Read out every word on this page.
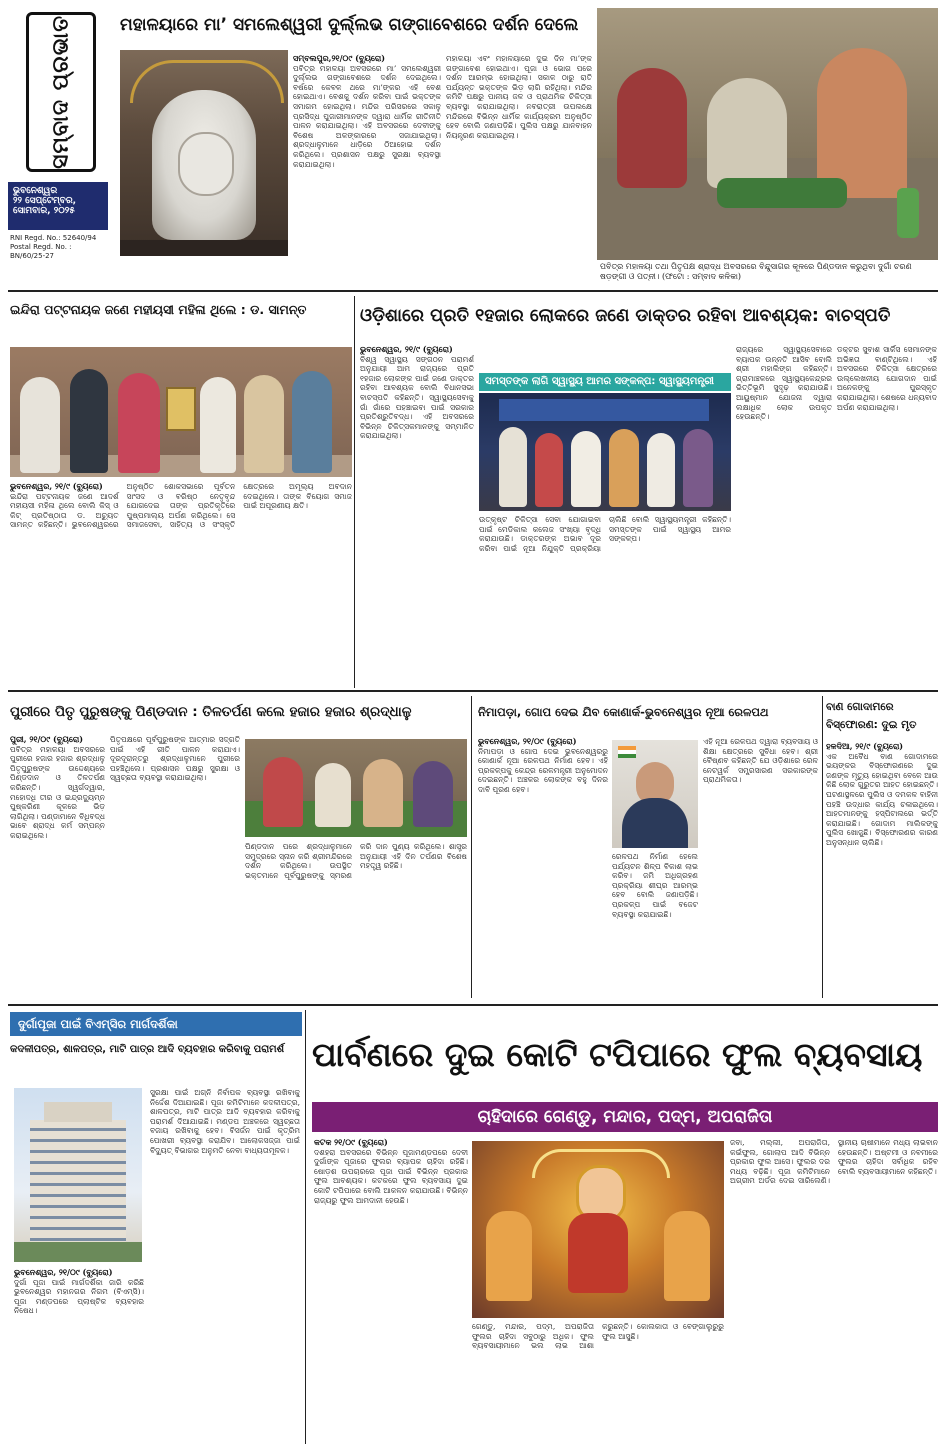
ସମ୍ବାଦ ପ୍ରଭାତ
ଭୁବନେଶ୍ୱର
୨୨ ସେପ୍ଟେମ୍ବର,
ସୋମବାର, ୨୦୨୫
RNI Regd. No.: 52640/94
Postal Regd. No. :
BN/60/25-27
ମହାଳୟାରେ ମା’ ସମଲେଶ୍ୱରୀ ଦୁର୍ଲ୍ଲଭ ଗଙ୍ଗାବେଶରେ ଦର୍ଶନ ଦେଲେ
ସମ୍ବଲପୁର,୨୧/୦୯ (ବ୍ୟୁରୋ)
ପବିତ୍ର ମହାଳୟା ଅବସରରେ ମା’ ସମଲେଶ୍ୱରୀ ଦୁର୍ଲ୍ଲଭ ଗଙ୍ଗାବେଶରେ ଦର୍ଶନ ଦେଇଥିଲେ। ବର୍ଷରେ କେବଳ ଥରେ ମା’ଙ୍କର ଏହି ବେଶ ହୋଇଥାଏ। ବେଶକୁ ଦର୍ଶନ କରିବା ପାଇଁ ଭକ୍ତଙ୍କ ସମାଗମ ହୋଇଥିଲା। ମନ୍ଦିର ପରିସରରେ ସକାଳୁ ପ୍ରସିଦ୍ଧ ପୁଜାରୀମାନଙ୍କ ଦ୍ୱାରା ଧାର୍ମିକ ରୀତିନୀତି ପାଳନ କରାଯାଇଥିଲା। ଏହି ଅବସରରେ ଦେବୀଙ୍କୁ ବିଶେଷ ଅଳଙ୍କାରରେ ସଜାଯାଇଥିଲା। ଶ୍ରଦ୍ଧାଳୁମାନେ ଧାଡ଼ିରେ ଠିଆହୋଇ ଦର୍ଶନ କରିଥିଲେ। ପ୍ରଶାସନ ପକ୍ଷରୁ ସୁରକ୍ଷା ବ୍ୟବସ୍ଥା କରାଯାଇଥିଲା।
ମହାଳୟା ଏବଂ ମହାଳୟାରେ ଦୁଇ ଦିନ ମା’ଙ୍କ ଗଙ୍ଗାବେଶ ହୋଇଥାଏ। ପୂଜା ଓ ଭୋଗ ପରେ ଦର୍ଶନ ଆରମ୍ଭ ହୋଇଥିଲା। ସକାଳ ଠାରୁ ରାତି ପର୍ଯ୍ୟନ୍ତ ଭକ୍ତଙ୍କ ଭିଡ଼ ଲାଗି ରହିଥିଲା। ମନ୍ଦିର କମିଟି ପକ୍ଷରୁ ପାନୀୟ ଜଳ ଓ ପ୍ରାଥମିକ ଚିକିତ୍ସା ବ୍ୟବସ୍ଥା କରାଯାଇଥିଲା। ନବରାତ୍ରୀ ଉପଲକ୍ଷେ ମନ୍ଦିରରେ ବିଭିନ୍ନ ଧାର୍ମିକ କାର୍ଯ୍ୟକ୍ରମ ଅନୁଷ୍ଠିତ ହେବ ବୋଲି ଜଣାପଡ଼ିଛି। ପୁଲିସ ପକ୍ଷରୁ ଯାନବାହନ ନିୟନ୍ତ୍ରଣ କରାଯାଇଥିଲା।
ପବିତ୍ର ମହାଳୟା ତଥା ପିତୃପକ୍ଷ ଶ୍ରାଦ୍ଧ ଅବସରରେ ବିନ୍ଦୁସାଗର କୂଳରେ ପିଣ୍ଡଦାନ କରୁଥିବା ଦୁର୍ଗା ଚରଣ ଷଡ଼ଙ୍ଗୀ ଓ ପତ୍ନୀ। (ଫଟୋ : ସମ୍ବାଦ କଳିକା)
ଇନ୍ଦିରା ପଟ୍ଟନାୟକ ଜଣେ ମହୀୟସୀ ମହିଳା ଥିଲେ : ଡ. ସାମନ୍ତ
ଭୁବନେଶ୍ୱର, ୨୧/୯ (ବ୍ୟୁରୋ)
ଇନ୍ଦିରା ପଟ୍ଟନାୟକ ଜଣେ ଆଦର୍ଶ ମହୀୟସୀ ମହିଳା ଥିଲେ ବୋଲି କିସ୍ ଓ କିଟ୍ ପ୍ରତିଷ୍ଠାତା ଡ. ଅଚ୍ୟୁତ ସାମନ୍ତ କହିଛନ୍ତି। ଭୁବନେଶ୍ୱରରେ ଅନୁଷ୍ଠିତ ଶୋକସଭାରେ ପୂର୍ବତନ ସାଂସଦ ଓ ବରିଷ୍ଠ ନେତୃବୃନ୍ଦ ଯୋଗଦେଇ ତାଙ୍କ ପ୍ରତିକୃତିରେ ପୁଷ୍ପମାଲ୍ୟ ଅର୍ପଣ କରିଥିଲେ। ସେ ସମାଜସେବା, ସାହିତ୍ୟ ଓ ସଂସ୍କୃତି କ୍ଷେତ୍ରରେ ଅମୂଲ୍ୟ ଅବଦାନ ଦେଇଥିଲେ। ତାଙ୍କ ବିୟୋଗ ସମାଜ ପାଇଁ ଅପୂରଣୀୟ କ୍ଷତି।
ଓଡ଼ିଶାରେ ପ୍ରତି ୧ହଜାର ଲୋକରେ ଜଣେ ଡାକ୍ତର ରହିବା ଆବଶ୍ୟକ: ବାଚସ୍ପତି
ଭୁବନେଶ୍ୱର, ୨୧/୯ (ବ୍ୟୁରୋ)
ବିଶ୍ୱ ସ୍ୱାସ୍ଥ୍ୟ ସଙ୍ଗଠନ ପରାମର୍ଶ ଅନୁଯାୟୀ ଆମ ରାଜ୍ୟରେ ପ୍ରତି ୧ହଜାର ଲୋକଙ୍କ ପାଇଁ ଜଣେ ଡାକ୍ତର ରହିବା ଆବଶ୍ୟକ ବୋଲି ବିଧାନସଭା ବାଚସ୍ପତି କହିଛନ୍ତି। ସ୍ୱାସ୍ଥ୍ୟସେବାକୁ ଗାଁ ଗାଁରେ ପହଞ୍ଚାଇବା ପାଇଁ ସରକାର ପ୍ରତିଶ୍ରୁତିବଦ୍ଧ। ଏହି ଅବସରରେ ବିଭିନ୍ନ ଚିକିତ୍ସକମାନଙ୍କୁ ସମ୍ମାନିତ କରାଯାଇଥିଲା।
ସମସ୍ତଙ୍କ ଲାଗି ସ୍ୱାସ୍ଥ୍ୟ ଆମର ସଙ୍କଳ୍ପ: ସ୍ୱାସ୍ଥ୍ୟମନ୍ତ୍ରୀ
ଉତ୍କୃଷ୍ଟ ଚିକିତ୍ସା ସେବା ଯୋଗାଇବା ପାଇଁ ମେଡିକାଲ କଲେଜ ସଂଖ୍ୟା ବୃଦ୍ଧି କରାଯାଉଛି। ଡାକ୍ତରଙ୍କ ଅଭାବ ଦୂର କରିବା ପାଇଁ ନୂଆ ନିଯୁକ୍ତି ପ୍ରକ୍ରିୟା ଚାଲିଛି ବୋଲି ସ୍ୱାସ୍ଥ୍ୟମନ୍ତ୍ରୀ କହିଛନ୍ତି। ସମସ୍ତଙ୍କ ପାଇଁ ସ୍ୱାସ୍ଥ୍ୟ ଆମର ସଙ୍କଳ୍ପ।
ରାଜ୍ୟରେ ସ୍ୱାସ୍ଥ୍ୟସେବାରେ ବ୍ୟାପକ ଉନ୍ନତି ଆସିବ ବୋଲି ଶ୍ରୀ ମହାଲିଙ୍ଗ କହିଛନ୍ତି। ଗ୍ରାମାଞ୍ଚଳରେ ସ୍ୱାସ୍ଥ୍ୟକେନ୍ଦ୍ରର ଭିତ୍ତିଭୂମି ସୁଦୃଢ଼ କରାଯାଉଛି। ଆୟୁଷ୍ମାନ ଯୋଜନା ଦ୍ୱାରା ଲକ୍ଷାଧିକ ଲୋକ ଉପକୃତ ହେଉଛନ୍ତି।
ଡକ୍ଟର ସୁବାଶ ସାର୍କିସ ସେମାନଙ୍କ ଅଭିଜ୍ଞତା ବାଣ୍ଟିଥିଲେ। ଏହି ଅବସରରେ ଚିକିତ୍ସା କ୍ଷେତ୍ରରେ ଉଲ୍ଲେଖନୀୟ ଯୋଗଦାନ ପାଇଁ ଅନେକଙ୍କୁ ପୁରସ୍କୃତ କରାଯାଇଥିଲା। ଶେଷରେ ଧନ୍ୟବାଦ ଅର୍ପଣ କରାଯାଇଥିଲା।
ପୁରୀରେ ପିତୃ ପୁରୁଷଙ୍କୁ ପିଣ୍ଡଦାନ : ତିଳତର୍ପଣ କଲେ ହଜାର ହଜାର ଶ୍ରଦ୍ଧାଳୁ
ପୁରୀ, ୨୧/୦୯ (ବ୍ୟୁରୋ)
ପବିତ୍ର ମହାଳୟା ଅବସରରେ ପୁରୀରେ ହଜାର ହଜାର ଶ୍ରଦ୍ଧାଳୁ ପିତୃପୁରୁଷଙ୍କ ଉଦ୍ଦେଶ୍ୟରେ ପିଣ୍ଡଦାନ ଓ ତିଳତର୍ପଣ କରିଛନ୍ତି। ସ୍ୱର୍ଗଦ୍ୱାର, ମହୋଦଧି ତୀର ଓ ଇନ୍ଦ୍ରଦ୍ୟୁମ୍ନ ପୁଷ୍କରିଣୀ କୂଳରେ ଭିଡ଼ ଲାଗିଥିଲା। ପଣ୍ଡାମାନେ ବିଧିବଦ୍ଧ ଭାବେ ଶ୍ରାଦ୍ଧ କର୍ମ ସମ୍ପନ୍ନ କରାଇଥିଲେ।
ପିତୃପକ୍ଷରେ ପୂର୍ବପୁରୁଷଙ୍କ ଆତ୍ମାର ସଦ୍ଗତି ପାଇଁ ଏହି ରୀତି ପାଳନ କରାଯାଏ। ଦୂରଦୂରାନ୍ତରୁ ଶ୍ରଦ୍ଧାଳୁମାନେ ପୁରୀରେ ପହଞ୍ଚିଥିଲେ। ପ୍ରଶାସନ ପକ୍ଷରୁ ସୁରକ୍ଷା ଓ ସ୍ୱଚ୍ଛତା ବ୍ୟବସ୍ଥା କରାଯାଇଥିଲା।
ପିଣ୍ଡଦାନ ପରେ ଶ୍ରଦ୍ଧାଳୁମାନେ ସମୁଦ୍ରରେ ସ୍ନାନ କରି ଶ୍ରୀମନ୍ଦିରରେ ଦର୍ଶନ କରିଥିଲେ। ଉପସ୍ଥିତ ଭକ୍ତମାନେ ପୂର୍ବପୁରୁଷଙ୍କୁ ସ୍ମରଣ କରି ଦାନ ପୁଣ୍ୟ କରିଥିଲେ। ଶାସ୍ତ୍ର ଅନୁଯାୟୀ ଏହି ଦିନ ତର୍ପଣର ବିଶେଷ ମହତ୍ତ୍ୱ ରହିଛି।
ନିମାପଡ଼ା, ଗୋପ ଦେଇ ଯିବ କୋଣାର୍କ-ଭୁବନେଶ୍ୱର ନୂଆ ରେଳପଥ
ଭୁବନେଶ୍ୱର, ୨୧/୦୯ (ବ୍ୟୁରୋ)
ନିମାପଡ଼ା ଓ ଗୋପ ଦେଇ ଭୁବନେଶ୍ୱରରୁ କୋଣାର୍କ ନୂଆ ରେଳପଥ ନିର୍ମାଣ ହେବ। ଏହି ପ୍ରକଳ୍ପକୁ କେନ୍ଦ୍ର ରେଳମନ୍ତ୍ରୀ ଅନୁମୋଦନ ଦେଇଛନ୍ତି। ଅଞ୍ଚଳର ଲୋକଙ୍କ ବହୁ ଦିନର ଦାବି ପୂରଣ ହେବ।
ରେଳପଥ ନିର୍ମାଣ ହେଲେ ପର୍ଯ୍ୟଟନ ଶିଳ୍ପ ବିକାଶ ଲାଭ କରିବ। ଜମି ଅଧିଗ୍ରହଣ ପ୍ରକ୍ରିୟା ଶୀଘ୍ର ଆରମ୍ଭ ହେବ ବୋଲି ଜଣାପଡ଼ିଛି। ପ୍ରକଳ୍ପ ପାଇଁ ବଜେଟ ବ୍ୟବସ୍ଥା କରାଯାଇଛି।
ଏହି ନୂଆ ରେଳପଥ ଦ୍ୱାରା ବ୍ୟବସାୟ ଓ ଶିକ୍ଷା କ୍ଷେତ୍ରରେ ସୁବିଧା ହେବ। ଶ୍ରୀ ବୈଷ୍ଣବ କହିଛନ୍ତି ଯେ ଓଡ଼ିଶାରେ ରେଳ ନେଟୱର୍କ ସମ୍ପ୍ରସାରଣ ସରକାରଙ୍କ ପ୍ରାଥମିକତା।
ବାଣ ଗୋଦାମରେ
ବିସ୍ଫୋରଣ: ଦୁଇ ମୃତ
ହଳଦିଆ, ୨୧/୯ (ବ୍ୟୁରୋ)
ଏକ ଅବୈଧ ବାଣ ଗୋଦାମରେ ଭୟଙ୍କର ବିସ୍ଫୋରଣରେ ଦୁଇ ଜଣଙ୍କ ମୃତ୍ୟୁ ହୋଇଥିବା ବେଳେ ଆଉ କିଛି ଲୋକ ଗୁରୁତର ଆହତ ହୋଇଛନ୍ତି। ଘଟଣାସ୍ଥଳରେ ପୁଲିସ ଓ ଦମକଳ ବାହିନୀ ପହଞ୍ଚି ଉଦ୍ଧାର କାର୍ଯ୍ୟ ଚଳାଇଥିଲେ। ଆହତମାନଙ୍କୁ ହସ୍ପିଟାଲରେ ଭର୍ତ୍ତି କରାଯାଇଛି। ଗୋଦାମ ମାଲିକଙ୍କୁ ପୁଲିସ ଖୋଜୁଛି। ବିସ୍ଫୋରଣର କାରଣ ଅନୁସନ୍ଧାନ ଚାଲିଛି।
ଦୁର୍ଗାପୂଜା ପାଇଁ ବିଏମ୍‌ସିର ମାର୍ଗଦର୍ଶିକା
କଦଳୀପତ୍ର, ଶାଳପତ୍ର, ମାଟି ପାତ୍ର ଆଦି ବ୍ୟବହାର କରିବାକୁ ପରାମର୍ଶ
ଭୁବନେଶ୍ୱର, ୨୧/୦୯ (ବ୍ୟୁରୋ)
ଦୁର୍ଗା ପୂଜା ପାଇଁ ମାର୍ଗଦର୍ଶିକା ଜାରି କରିଛି ଭୁବନେଶ୍ୱର ମହାନଗର ନିଗମ (ବିଏମ୍‌ସି)। ପୂଜା ମଣ୍ଡପରେ ପ୍ଲାଷ୍ଟିକ ବ୍ୟବହାର ନିଷେଧ।
ସୁରକ୍ଷା ପାଇଁ ଅଗ୍ନି ନିର୍ବାପକ ବ୍ୟବସ୍ଥା ରଖିବାକୁ ନିର୍ଦ୍ଦେଶ ଦିଆଯାଇଛି। ପୂଜା କମିଟିମାନେ କଦଳୀପତ୍ର, ଶାଳପତ୍ର, ମାଟି ପାତ୍ର ଆଦି ବ୍ୟବହାର କରିବାକୁ ପରାମର୍ଶ ଦିଆଯାଇଛି। ମଣ୍ଡପ ଅଞ୍ଚଳରେ ସ୍ୱଚ୍ଛତା ବଜାୟ ରଖିବାକୁ ହେବ। ବିସର୍ଜନ ପାଇଁ କୃତ୍ରିମ ପୋଖରୀ ବ୍ୟବସ୍ଥା କରାଯିବ। ଆଲୋକସଜ୍ଜା ପାଇଁ ବିଦ୍ୟୁତ୍ ବିଭାଗର ଅନୁମତି ନେବା ବାଧ୍ୟତାମୂଳକ।
ପାର୍ବଣରେ ଦୁଇ କୋଟି ଟପିପାରେ ଫୁଲ ବ୍ୟବସାୟ
ଚାହିଦାରେ ଗେଣ୍ଡୁ, ମନ୍ଦାର, ପଦ୍ମ, ଅପରାଜିତା
କଟକ ୨୧/୦୯ (ବ୍ୟୁରୋ)
ଦଶହରା ଅବସରରେ ବିଭିନ୍ନ ପୂଜାମଣ୍ଡପରେ ଦେବୀ ଦୁର୍ଗାଙ୍କ ପୂଜାରେ ଫୁଲର ବ୍ୟାପକ ଚାହିଦା ରହିଛି। ଷୋଡ଼ଶ ଉପଚାରରେ ପୂଜା ପାଇଁ ବିଭିନ୍ନ ପ୍ରକାର ଫୁଲ ଆବଶ୍ୟକ। କଟକରେ ଫୁଲ ବ୍ୟବସାୟ ଦୁଇ କୋଟି ଟପିପାରେ ବୋଲି ଆକଳନ କରାଯାଉଛି। ବିଭିନ୍ନ ରାଜ୍ୟରୁ ଫୁଲ ଆମଦାନୀ ହେଉଛି।
ଗେଣ୍ଡୁ, ମନ୍ଦାର, ପଦ୍ମ, ଅପରାଜିତା ଫୁଲର ଚାହିଦା ସବୁଠାରୁ ଅଧିକ। ଫୁଲ ବ୍ୟବସାୟୀମାନେ ଭଲ ଲାଭ ଆଶା କରୁଛନ୍ତି। କୋଲକାତା ଓ ବେଙ୍ଗାଲୁରୁରୁ ଫୁଲ ଆସୁଛି।
ଜବା, ମଲ୍ଲୀ, ଅପରାଜିତା, କଇଁଫୁଲ, ଗୋଲାପ ଆଦି ବିଭିନ୍ନ ପ୍ରକାର ଫୁଲ ଆସେ। ଫୁଲର ଦର ମଧ୍ୟ ବଢ଼ିଛି। ପୂଜା କମିଟିମାନେ ଅଗ୍ରୀମ ଅର୍ଡର ଦେଇ ସାରିଲେଣି। ସ୍ଥାନୀୟ ଚାଷୀମାନେ ମଧ୍ୟ ଲାଭବାନ ହେଉଛନ୍ତି। ଅଷ୍ଟମୀ ଓ ନବମୀରେ ଫୁଲର ଚାହିଦା ସର୍ବାଧିକ ରହିବ ବୋଲି ବ୍ୟବସାୟୀମାନେ କହିଛନ୍ତି।
